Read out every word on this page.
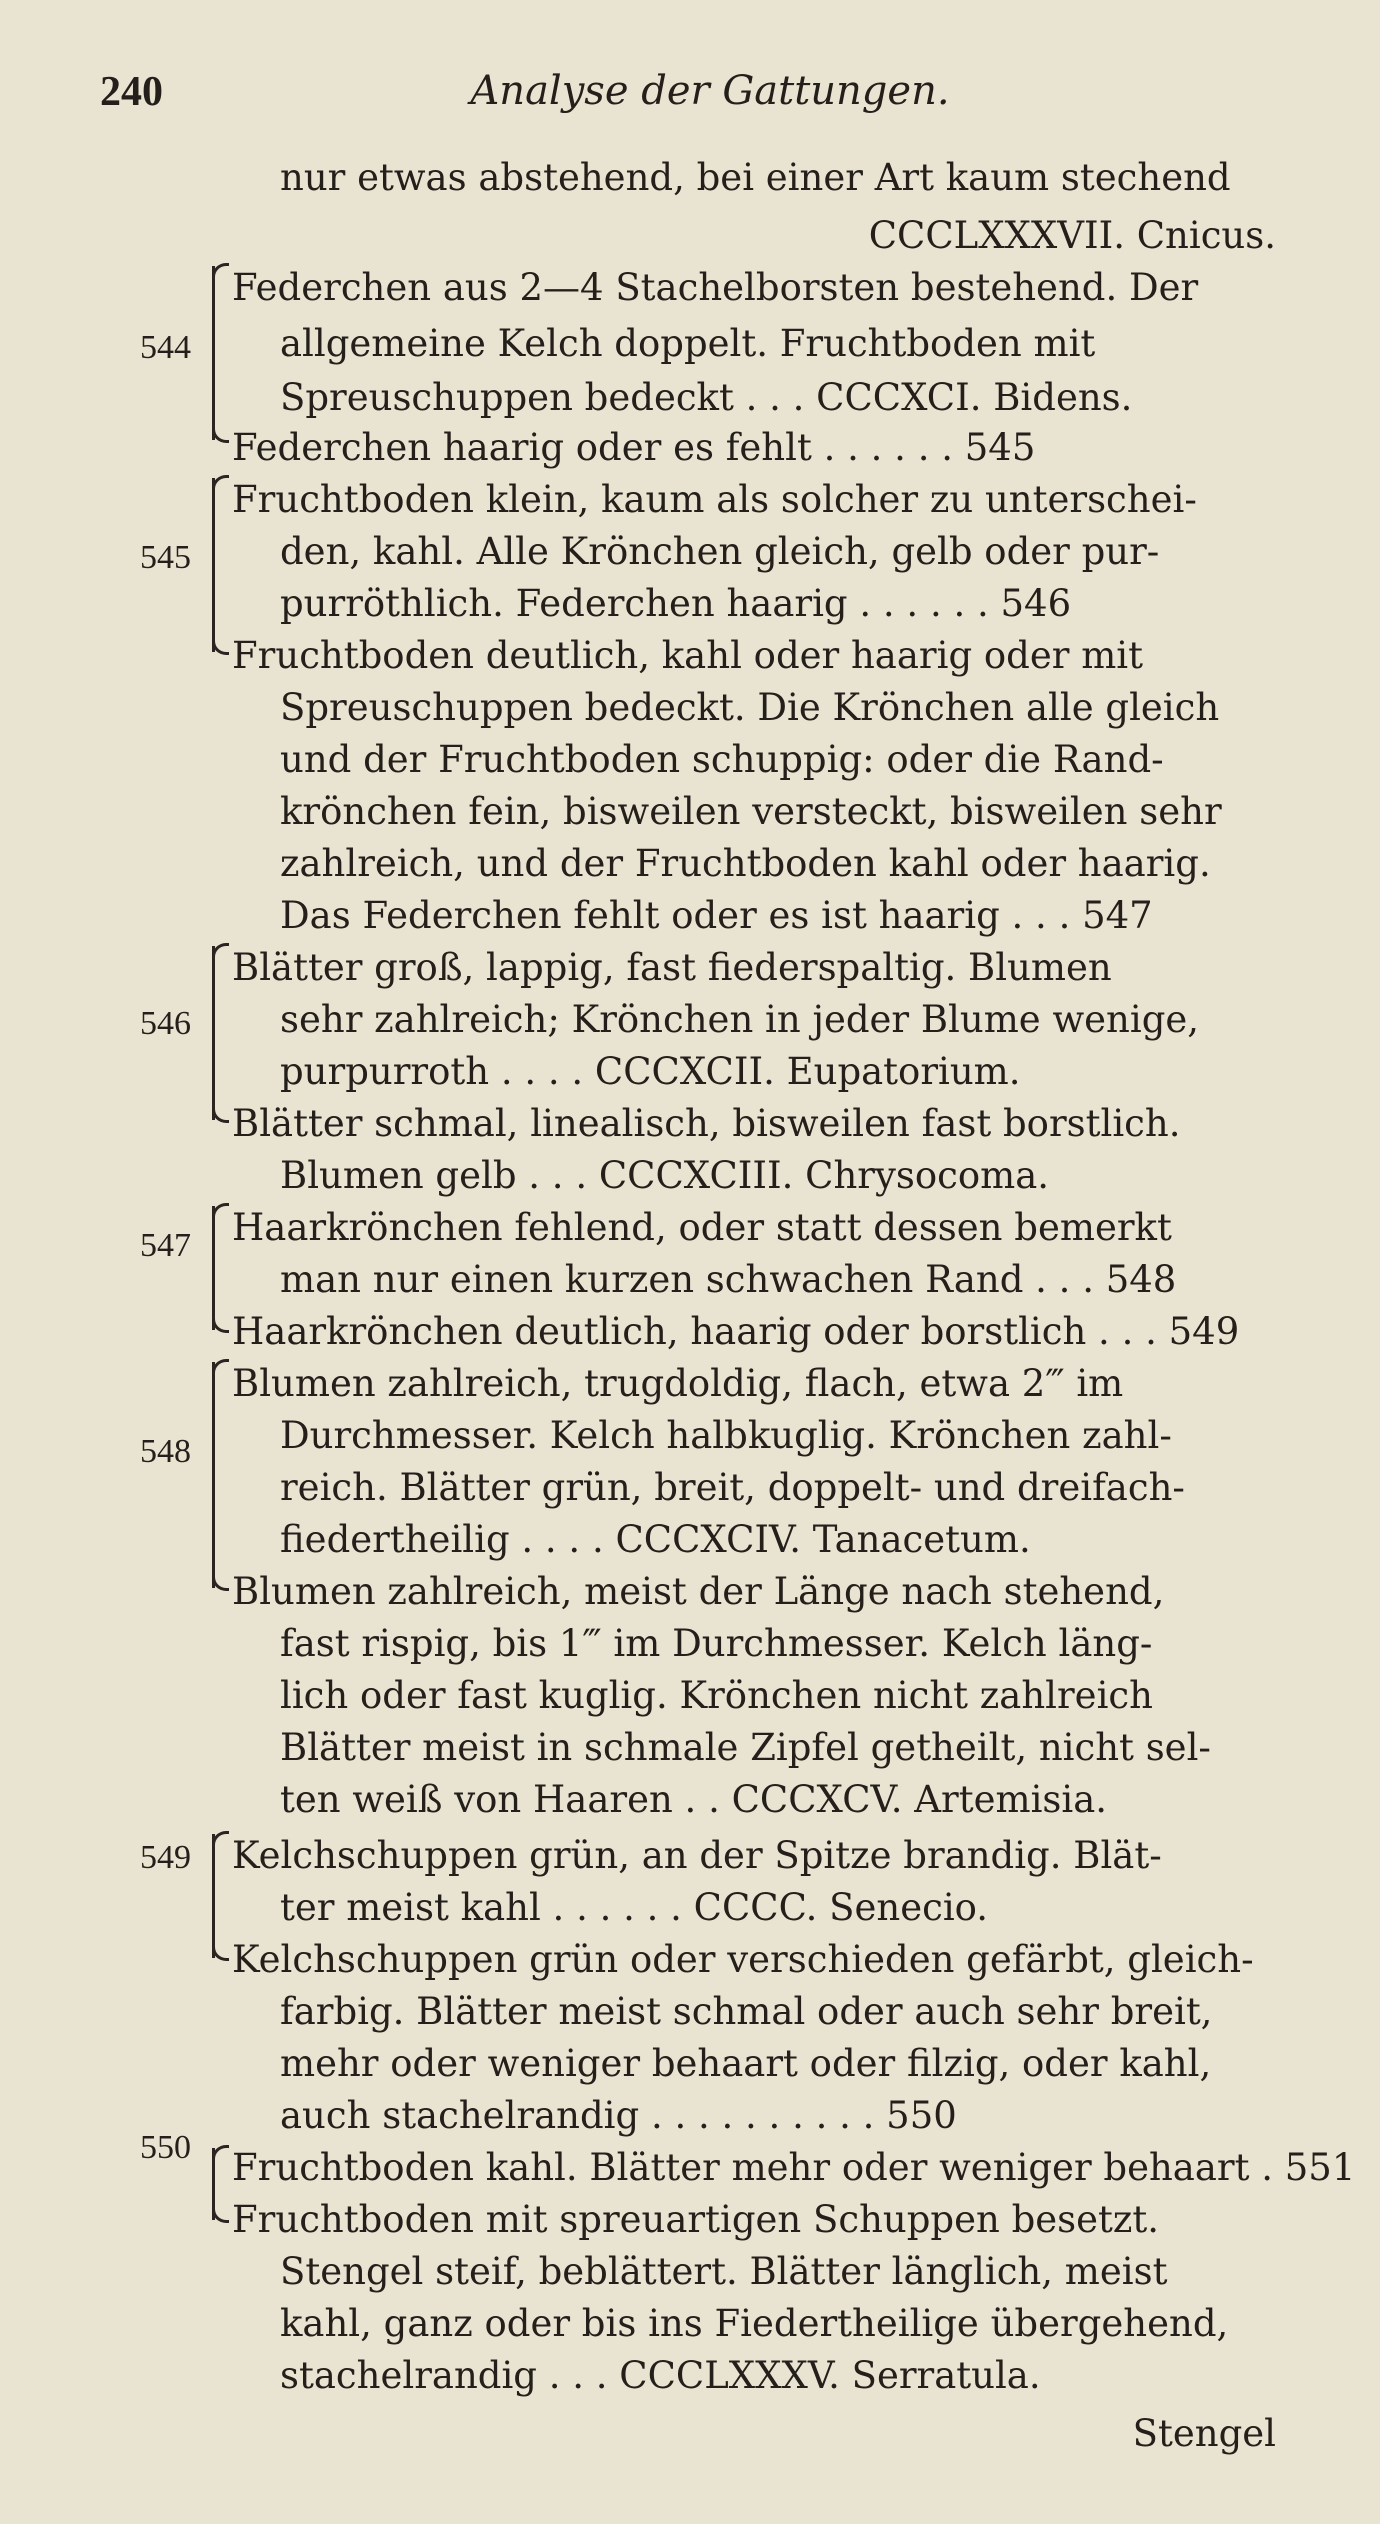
240	Analyse der Gattungen.
nur etwas abstehend, bei einer Art kaum stechend
CCCLXXXVII. Cnicus.
Federchen aus 2—4 Stachelborsten bestehend. Der
allgemeine Kelch doppelt. Fruchtboden mit
Spreuschuppen bedeckt . . . CCCXCI. Bidens.
Federchen haarig oder es fehlt . . . . . . 545
Fruchtboden klein, kaum als solcher zu unterschei-
den, kahl. Alle Krönchen gleich, gelb oder pur-
purröthlich. Federchen haarig . . . . . . 546
Fruchtboden deutlich, kahl oder haarig oder mit
Spreuschuppen bedeckt. Die Krönchen alle gleich
und der Fruchtboden schuppig: oder die Rand-
krönchen fein, bisweilen versteckt, bisweilen sehr
zahlreich, und der Fruchtboden kahl oder haarig.
Das Federchen fehlt oder es ist haarig . . . 547
Blätter groß, lappig, fast fiederspaltig. Blumen
sehr zahlreich; Krönchen in jeder Blume wenige,
purpurroth . . . . CCCXCII. Eupatorium.
Blätter schmal, linealisch, bisweilen fast borstlich.
Blumen gelb . . . CCCXCIII. Chrysocoma.
Haarkrönchen fehlend, oder statt dessen bemerkt
man nur einen kurzen schwachen Rand . . . 548
Haarkrönchen deutlich, haarig oder borstlich . . . 549
Blumen zahlreich, trugdoldig, flach, etwa 2‴ im
Durchmesser. Kelch halbkuglig. Krönchen zahl-
reich. Blätter grün, breit, doppelt- und dreifach-
fiedertheilig . . . . CCCXCIV. Tanacetum.
Blumen zahlreich, meist der Länge nach stehend,
fast rispig, bis 1‴ im Durchmesser. Kelch läng-
lich oder fast kuglig. Krönchen nicht zahlreich
Blätter meist in schmale Zipfel getheilt, nicht sel-
ten weiß von Haaren . . CCCXCV. Artemisia.
Kelchschuppen grün, an der Spitze brandig. Blät-
ter meist kahl . . . . . . CCCC. Senecio.
Kelchschuppen grün oder verschieden gefärbt, gleich-
farbig. Blätter meist schmal oder auch sehr breit,
mehr oder weniger behaart oder filzig, oder kahl,
auch stachelrandig . . . . . . . . . . 550
Fruchtboden kahl. Blätter mehr oder weniger behaart . 551
Fruchtboden mit spreuartigen Schuppen besetzt.
Stengel steif, beblättert. Blätter länglich, meist
kahl, ganz oder bis ins Fiedertheilige übergehend,
stachelrandig . . . CCCLXXXV. Serratula.
Stengel
544
545
546
547
548
549
550
